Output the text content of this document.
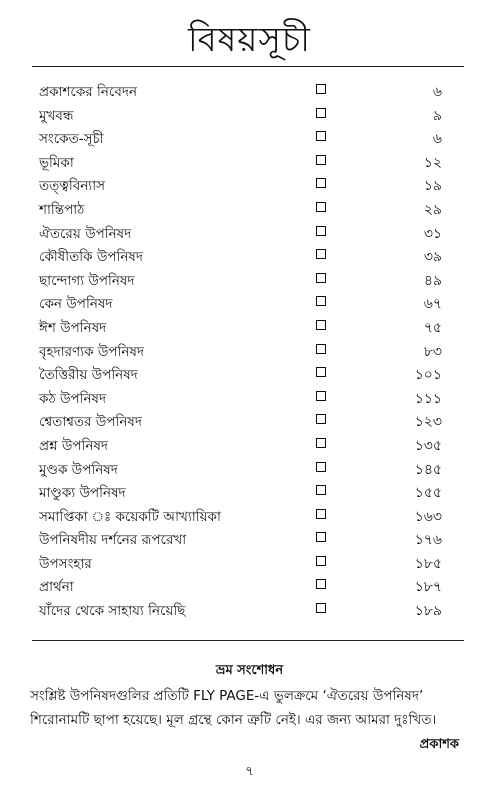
বিষয়সূচী
প্রকাশকের নিবেদন	৬
মুখবন্ধ	৯
সংকেত-সূচী	৬
ভূমিকা	১২
তত্ত্ববিন্যাস	১৯
শান্তিপাঠ	২৯
ঐতরেয় উপনিষদ	৩১
কৌষীতকি উপনিষদ	৩৯
ছান্দোগ্য উপনিষদ	৪৯
কেন উপনিষদ	৬৭
ঈশ উপনিষদ	৭৫
বৃহদারণ্যক উপনিষদ	৮৩
তৈত্তিরীয় উপনিষদ	১০১
কঠ উপনিষদ	১১১
শ্বেতাশ্বতর উপনিষদ	১২৩
প্রশ্ন উপনিষদ	১৩৫
মুণ্ডক উপনিষদ	১৪৫
মাণ্ডুক্য উপনিষদ	১৫৫
সমাপ্তিকা ঃ কয়েকটি আখ্যায়িকা	১৬৩
উপনিষদীয় দর্শনের রূপরেখা	১৭৬
উপসংহার	১৮৫
প্রার্থনা	১৮৭
যাঁদের থেকে সাহায্য নিয়েছি	১৮৯
ভ্রম সংশোধন
সংশ্লিষ্ট উপনিষদগুলির প্রতিটি FLY PAGE-এ ভুলক্রমে ‘ঐতরেয় উপনিষদ’
শিরোনামটি ছাপা হয়েছে। মূল গ্রন্থে কোন ত্রুটি নেই। এর জন্য আমরা দুঃখিত।
প্রকাশক
৭
